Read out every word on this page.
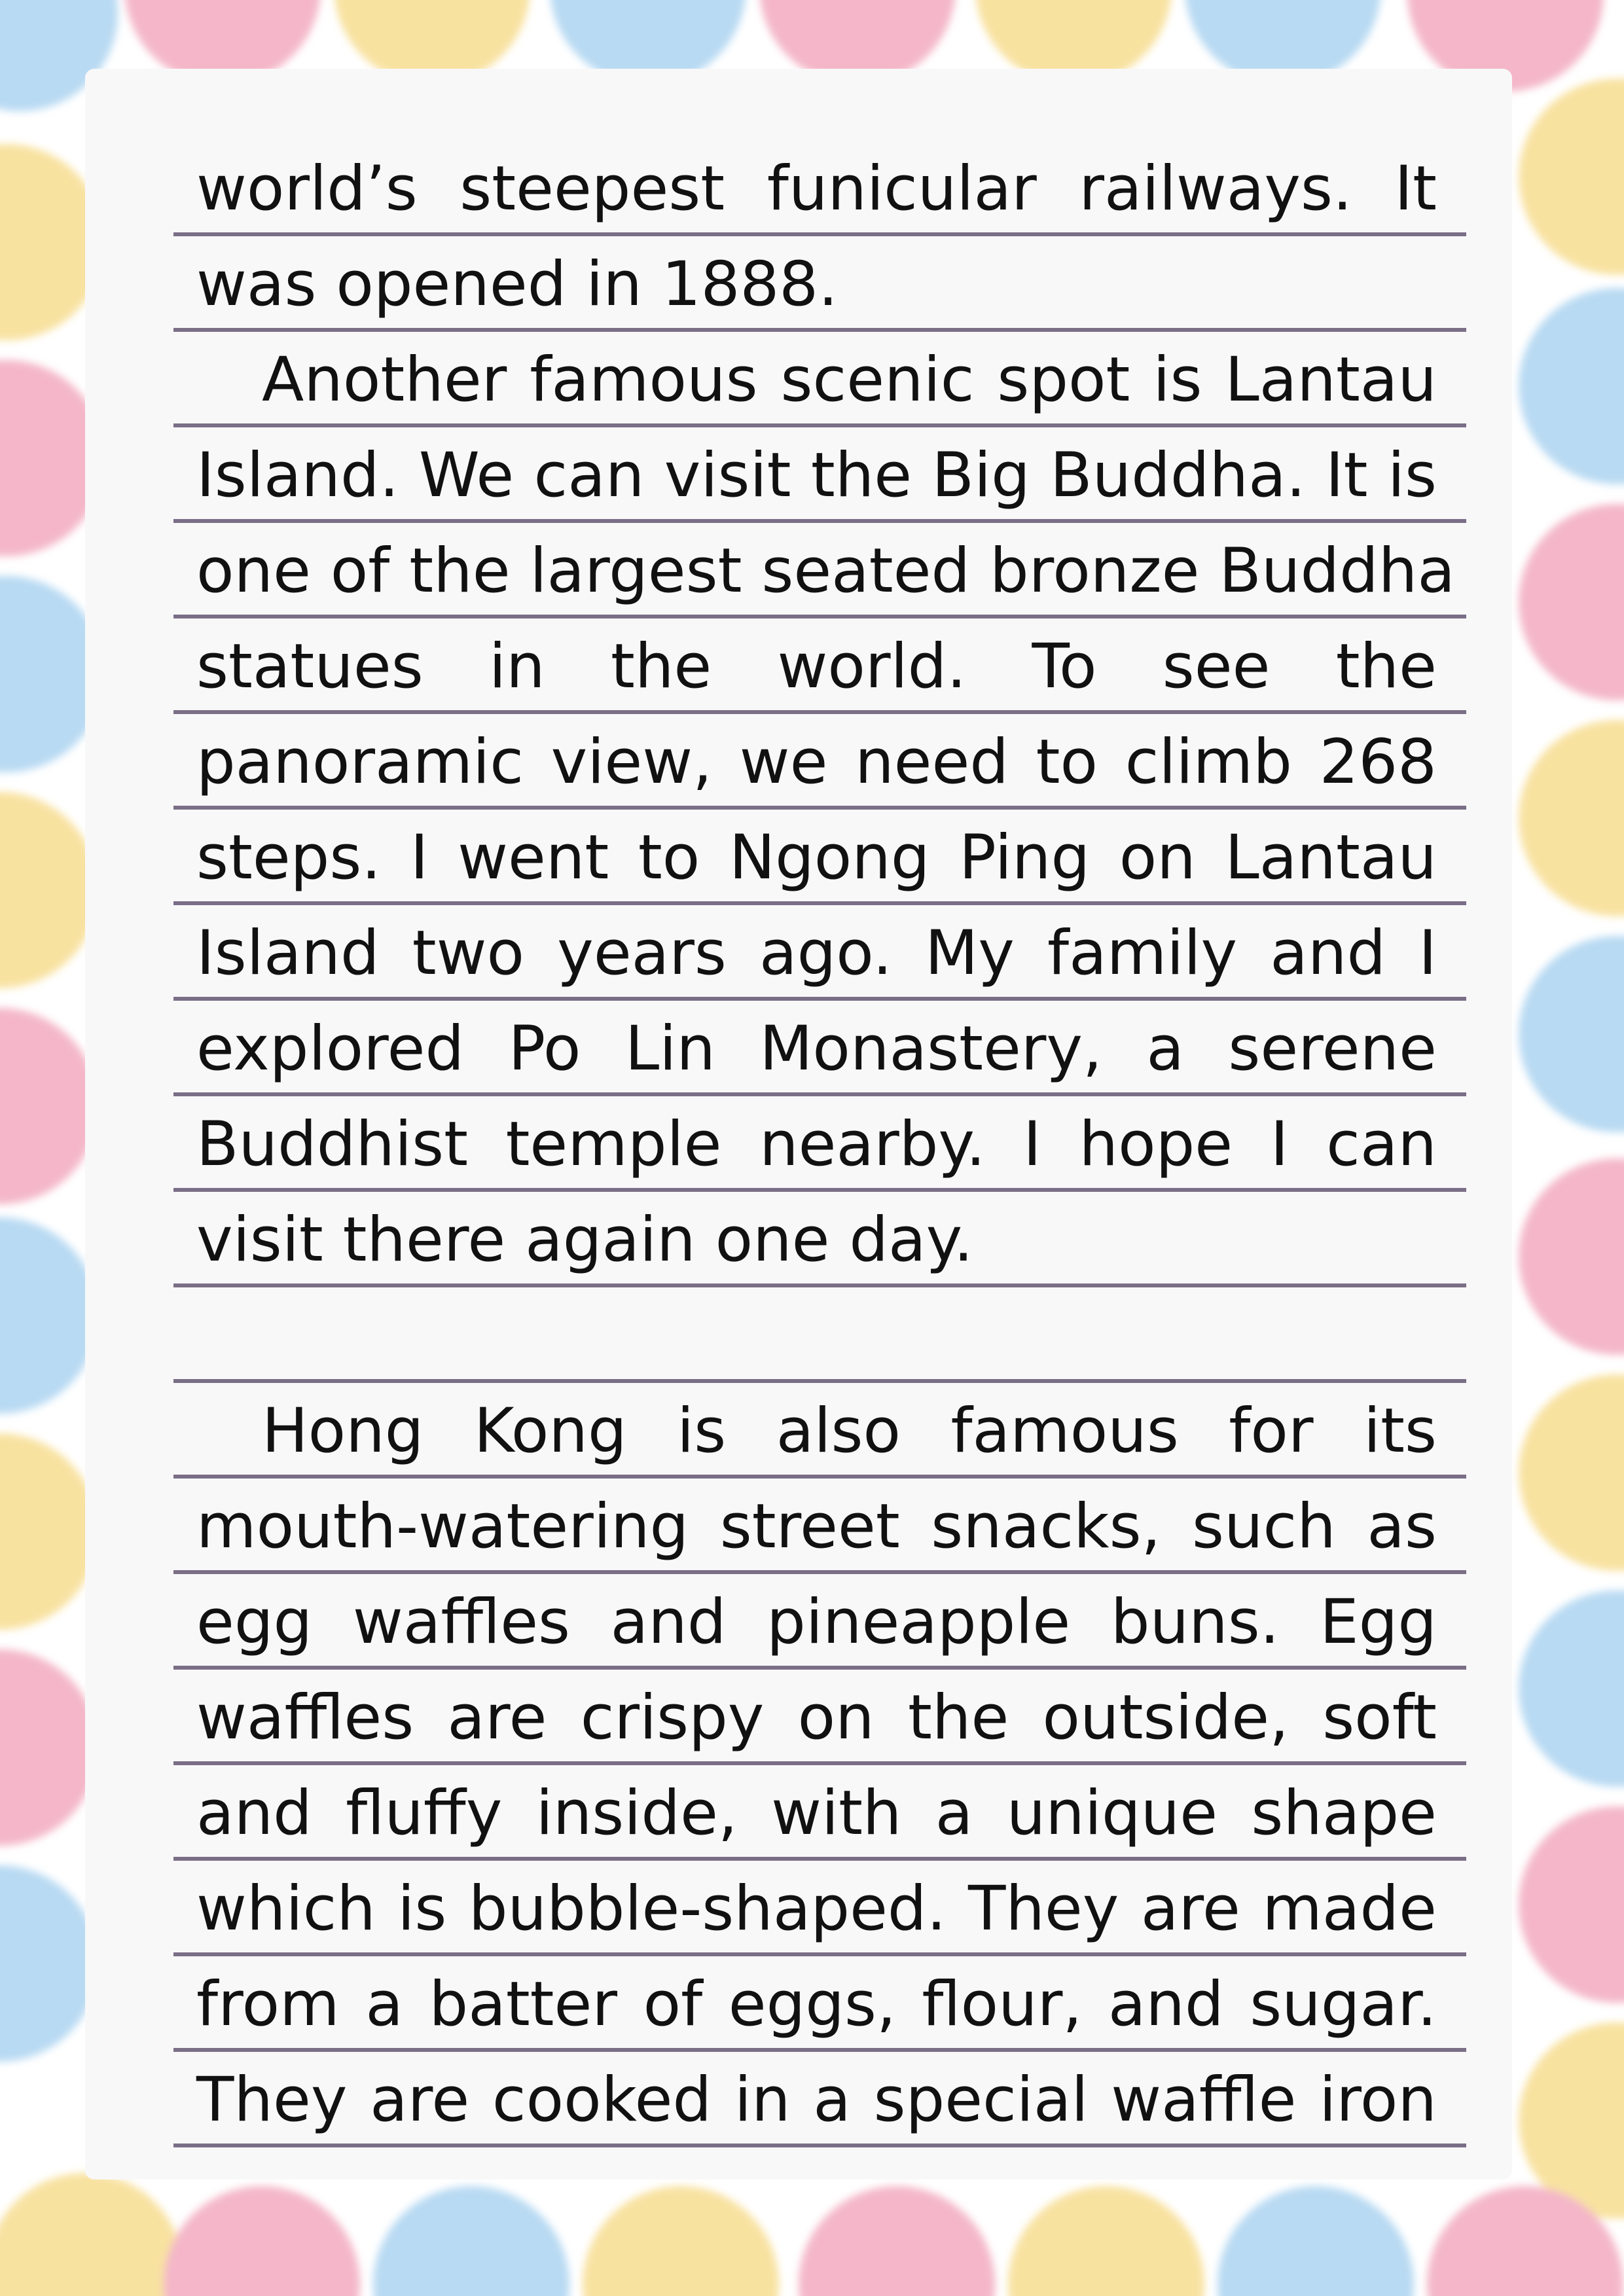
world’s steepest funicular railways. It
was opened in 1888.
Another famous scenic spot is Lantau
Island. We can visit the Big Buddha. It is
one of the largest seated bronze Buddha
statues in the world. To see the
panoramic view, we need to climb 268
steps. I went to Ngong Ping on Lantau
Island two years ago. My family and I
explored Po Lin Monastery, a serene
Buddhist temple nearby. I hope I can
visit there again one day.
Hong Kong is also famous for its
mouth-watering street snacks, such as
egg waffles and pineapple buns. Egg
waffles are crispy on the outside, soft
and fluffy inside, with a unique shape
which is bubble-shaped. They are made
from a batter of eggs, flour, and sugar.
They are cooked in a special waffle iron
